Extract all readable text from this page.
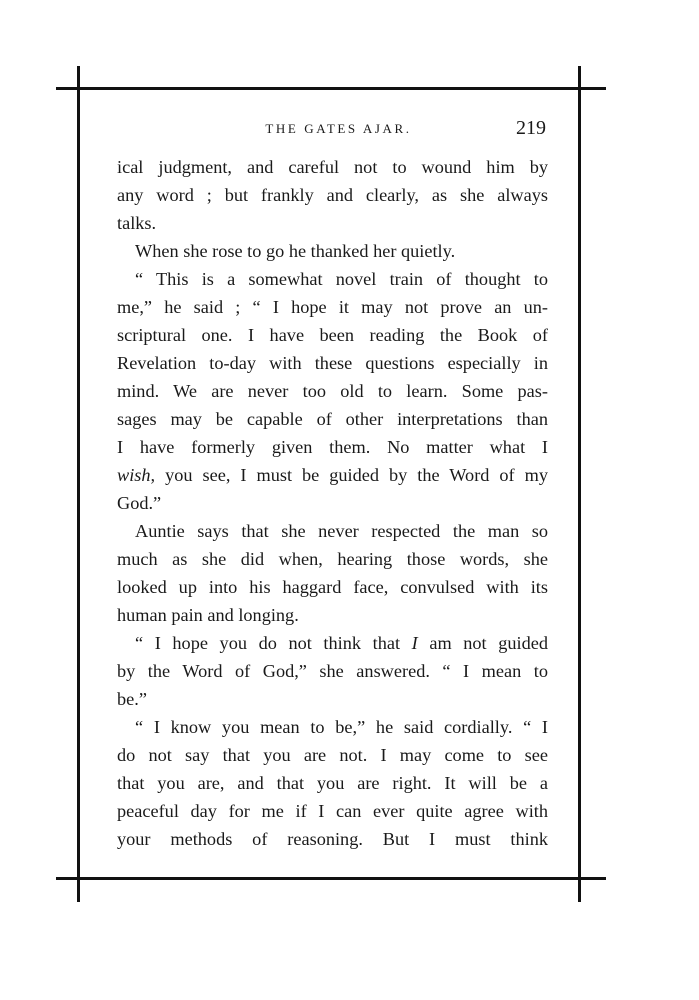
THE GATES AJAR.	219
ical judgment, and careful not to wound him by
any word ; but frankly and clearly, as she always
talks.
When she rose to go he thanked her quietly.
“ This is a somewhat novel train of thought to
me,” he said ; “ I hope it may not prove an un-
scriptural one. I have been reading the Book of
Revelation to-day with these questions especially in
mind. We are never too old to learn. Some pas-
sages may be capable of other interpretations than
I have formerly given them. No matter what I
wish, you see, I must be guided by the Word of my
God.”
Auntie says that she never respected the man so
much as she did when, hearing those words, she
looked up into his haggard face, convulsed with its
human pain and longing.
“ I hope you do not think that I am not guided
by the Word of God,” she answered. “ I mean to
be.”
“ I know you mean to be,” he said cordially. “ I
do not say that you are not. I may come to see
that you are, and that you are right. It will be a
peaceful day for me if I can ever quite agree with
your methods of reasoning. But I must think
